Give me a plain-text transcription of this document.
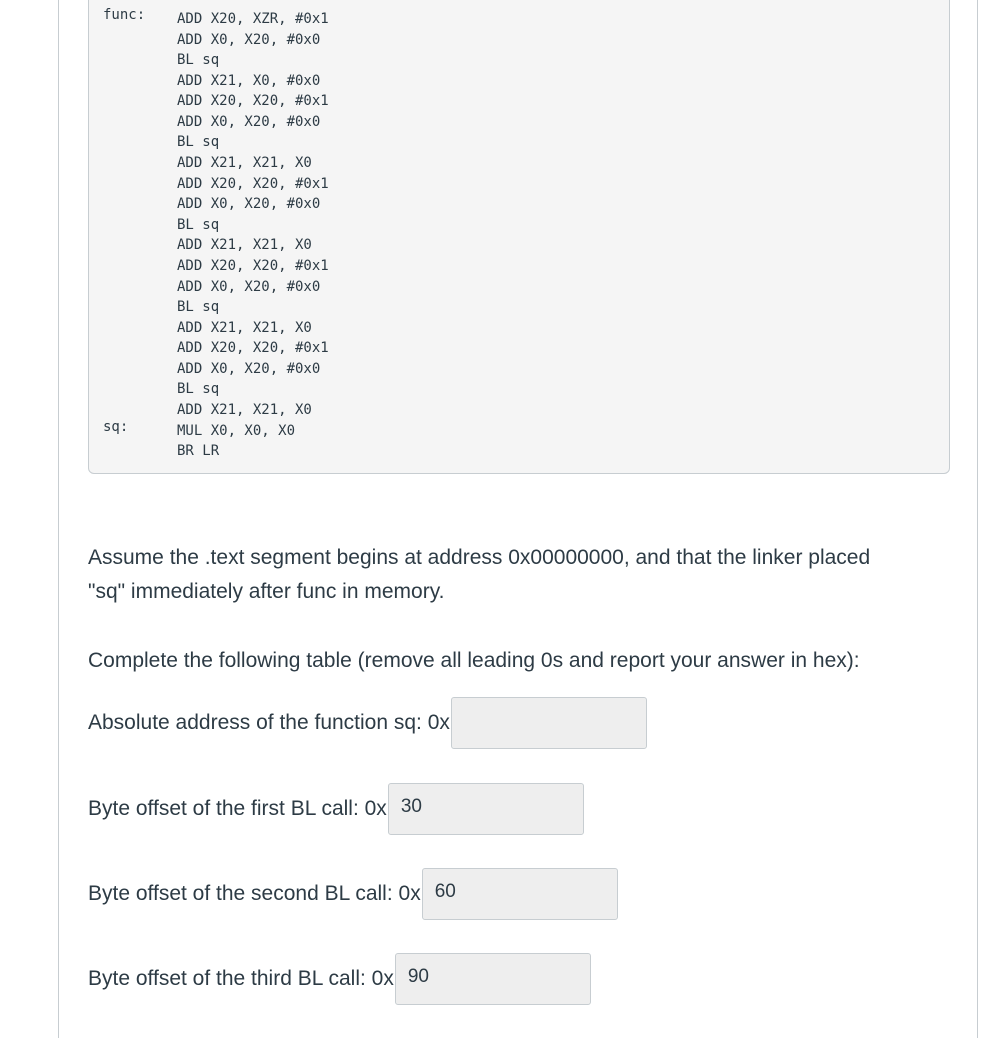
func:
sq:
ADD X20, XZR, #0x1
ADD X0, X20, #0x0
BL sq
ADD X21, X0, #0x0
ADD X20, X20, #0x1
ADD X0, X20, #0x0
BL sq
ADD X21, X21, X0
ADD X20, X20, #0x1
ADD X0, X20, #0x0
BL sq
ADD X21, X21, X0
ADD X20, X20, #0x1
ADD X0, X20, #0x0
BL sq
ADD X21, X21, X0
ADD X20, X20, #0x1
ADD X0, X20, #0x0
BL sq
ADD X21, X21, X0
MUL X0, X0, X0
BR LR

Assume the .text segment begins at address 0x00000000, and that the linker placed
"sq" immediately after func in memory.

Complete the following table (remove all leading 0s and report your answer in hex):

Absolute address of the function sq: 0x
Byte offset of the first BL call: 0x 30
Byte offset of the second BL call: 0x 60
Byte offset of the third BL call: 0x 90
